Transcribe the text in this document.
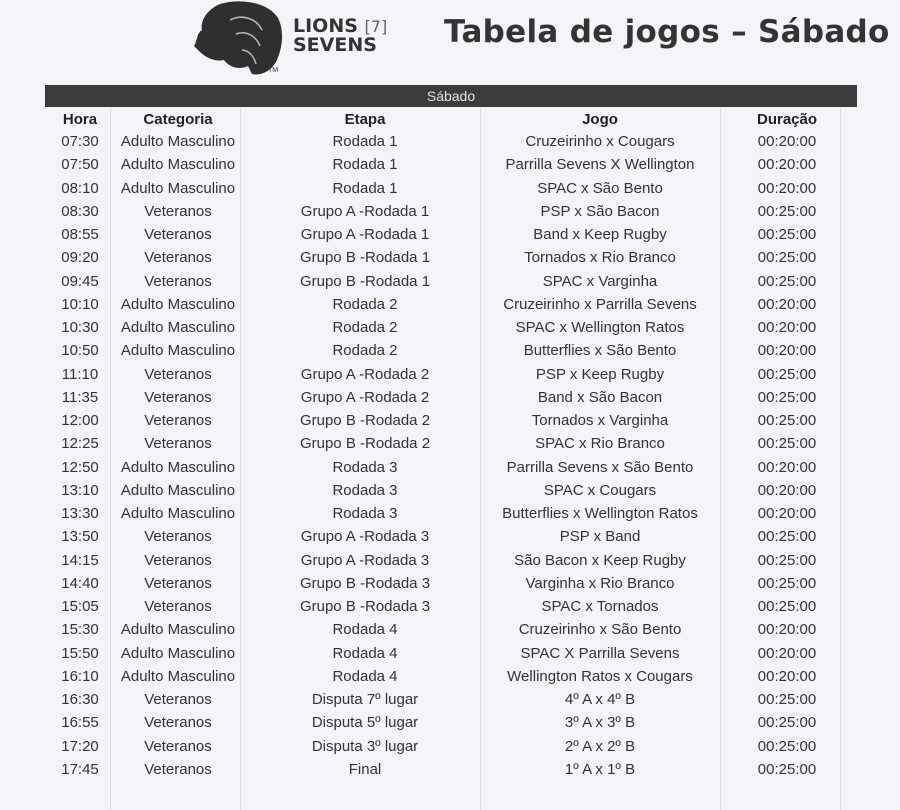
TM
LIONS [7]
SEVENS	Tabela de jogos – Sábado
Sábado
Hora	Categoria	Etapa	Jogo	Duração
07:30 Adulto Masculino	Rodada 1	Cruzeirinho x Cougars	00:20:00
07:50 Adulto Masculino	Rodada 1	Parrilla Sevens X Wellington	00:20:00
08:10 Adulto Masculino	Rodada 1	SPAC x São Bento	00:20:00
08:30	Veteranos	Grupo A -Rodada 1	PSP x São Bacon	00:25:00
08:55	Veteranos	Grupo A -Rodada 1	Band x Keep Rugby	00:25:00
09:20	Veteranos	Grupo B -Rodada 1	Tornados x Rio Branco	00:25:00
09:45	Veteranos	Grupo B -Rodada 1	SPAC x Varginha	00:25:00
10:10 Adulto Masculino	Rodada 2	Cruzeirinho x Parrilla Sevens	00:20:00
10:30 Adulto Masculino	Rodada 2	SPAC x Wellington Ratos	00:20:00
10:50 Adulto Masculino	Rodada 2	Butterflies x São Bento	00:20:00
11:10	Veteranos	Grupo A -Rodada 2	PSP x Keep Rugby	00:25:00
11:35	Veteranos	Grupo A -Rodada 2	Band x São Bacon	00:25:00
12:00	Veteranos	Grupo B -Rodada 2	Tornados x Varginha	00:25:00
12:25	Veteranos	Grupo B -Rodada 2	SPAC x Rio Branco	00:25:00
12:50 Adulto Masculino	Rodada 3	Parrilla Sevens x São Bento	00:20:00
13:10 Adulto Masculino	Rodada 3	SPAC x Cougars	00:20:00
13:30 Adulto Masculino	Rodada 3	Butterflies x Wellington Ratos	00:20:00
13:50	Veteranos	Grupo A -Rodada 3	PSP x Band	00:25:00
14:15	Veteranos	Grupo A -Rodada 3	São Bacon x Keep Rugby	00:25:00
14:40	Veteranos	Grupo B -Rodada 3	Varginha x Rio Branco	00:25:00
15:05	Veteranos	Grupo B -Rodada 3	SPAC x Tornados	00:25:00
15:30 Adulto Masculino	Rodada 4	Cruzeirinho x São Bento	00:20:00
15:50 Adulto Masculino	Rodada 4	SPAC X Parrilla Sevens	00:20:00
16:10 Adulto Masculino	Rodada 4	Wellington Ratos x Cougars	00:20:00
16:30	Veteranos	Disputa 7º lugar	4º A x 4º B	00:25:00
16:55	Veteranos	Disputa 5º lugar	3º A x 3º B	00:25:00
17:20	Veteranos	Disputa 3º lugar	2º A x 2º B	00:25:00
17:45	Veteranos	Final	1º A x 1º B	00:25:00
